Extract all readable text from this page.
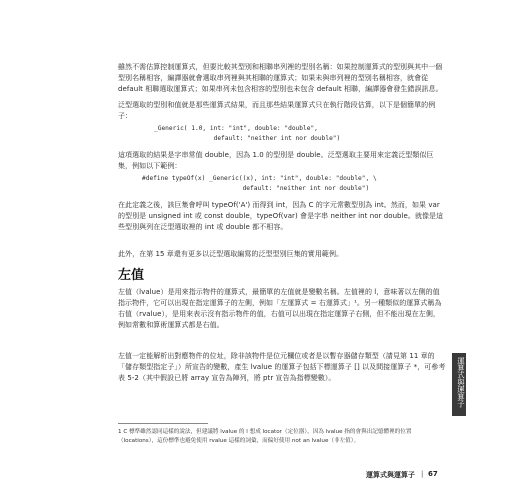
雖然不需估算控制運算式，但要比較其型別和相聯串列裡的型別名稱：如果控制運算式的型別與其中一個型別名稱相容，編譯器就會選取串列裡與其相聯的運算式；如果未與串列裡的型別名稱相容，就會從 default 相聯選取運算式；如果串列未包含相容的型別也未包含 default 相聯，編譯器會發生錯誤訊息。

泛型選取的型別和值就是那些運算式結果，而且那些結果運算式只在執行階段估算，以下是個簡單的例子：

_Generic( 1.0, int: "int", double: "double",
default: "neither int nor double")

這項選取的結果是字串常值 double，因為 1.0 的型別是 double。泛型選取主要用來定義泛型類似巨集，例如以下範例：

#define typeOf(x) _Generic((x), int: "int", double: "double", \
default: "neither int nor double")

在此定義之後，該巨集會呼叫 typeOf('A') 而得到 int，因為 C 的字元常數型別為 int。然而，如果 var 的型別是 unsigned int 或 const double，typeOf(var) 會是字串 neither int nor double。就像是這些型別與列在泛型選取裡的 int 或 double 都不相容。

此外，在第 15 章還有更多以泛型選取編寫的泛型型別巨集的實用範例。

左值

左值（lvalue）是用來指示物件的運算式，最簡單的左值就是變數名稱。左值裡的 l，意味著以左側的值指示物件，它可以出現在指定運算子的左側，例如「左運算式 = 右運算式」¹。另一種類似的運算式稱為右值（rvalue），是用來表示沒有指示物件的值，右值可以出現在指定運算子右側，但不能出現在左側，例如常數和算術運算式都是右值。

左值一定能解析出對應物件的位址，除非該物件是位元欄位或者是以暫存器儲存類型（請見第 11 章的「儲存類型指定子」）所宣告的變數，產生 lvalue 的運算子包括下標運算子 [] 以及間接運算子 *，可參考表 5-2（其中假設已將 array 宣告為陣列，將 ptr 宣告為指標變數）。

1 C 標準雖然認同這樣的說法，但建議將 lvalue 的 l 想成 locator（定位器），因為 lvalue 指的會與出記憶體裡的位置（locations），這份標準也避免使用 rvalue 這樣的詞彙，而偏好使用 not an lvalue（非左值）。
運算式與運算子 | 67
運算式與運算子
